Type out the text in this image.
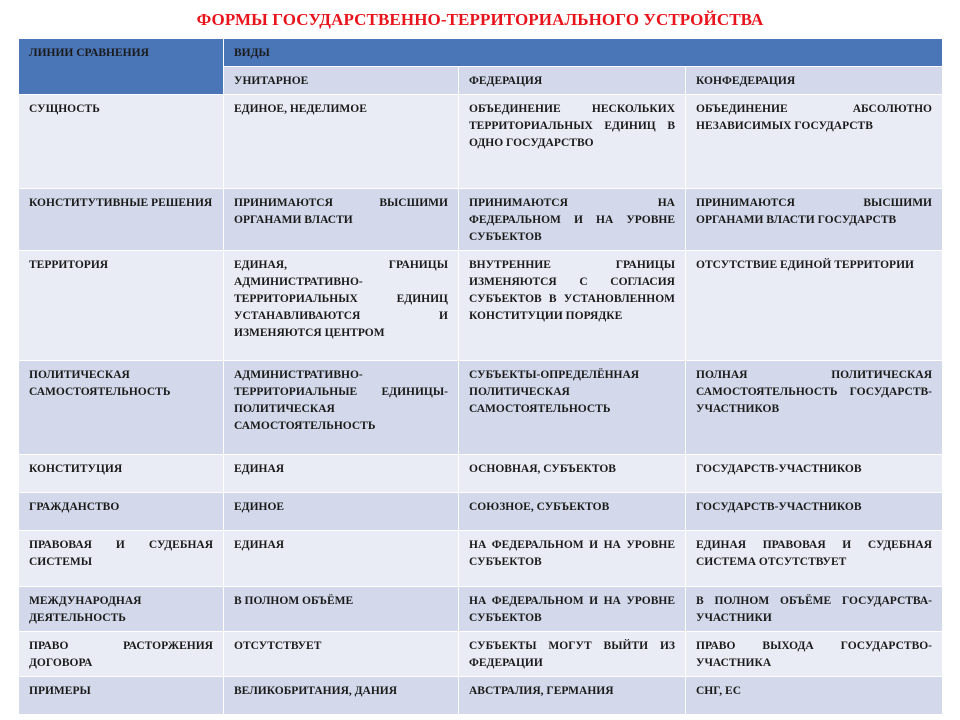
ФОРМЫ ГОСУДАРСТВЕННО-ТЕРРИТОРИАЛЬНОГО УСТРОЙСТВА
ЛИНИИ СРАВНЕНИЯ	ВИДЫ		
	УНИТАРНОЕ	ФЕДЕРАЦИЯ	КОНФЕДЕРАЦИЯ
СУЩНОСТЬ	ЕДИНОЕ, НЕДЕЛИМОЕ	ОБЪЕДИНЕНИЕ НЕСКОЛЬКИХ ТЕРРИТОРИАЛЬНЫХ ЕДИНИЦ В ОДНО ГОСУДАРСТВО	ОБЪЕДИНЕНИЕ АБСОЛЮТНО НЕЗАВИСИМЫХ ГОСУДАРСТВ
КОНСТИТУТИВНЫЕ РЕШЕНИЯ	ПРИНИМАЮТСЯ ВЫСШИМИ ОРГАНАМИ ВЛАСТИ	ПРИНИМАЮТСЯ НА ФЕДЕРАЛЬНОМ И НА УРОВНЕ СУБЪЕКТОВ	ПРИНИМАЮТСЯ ВЫСШИМИ ОРГАНАМИ ВЛАСТИ ГОСУДАРСТВ
ТЕРРИТОРИЯ	ЕДИНАЯ, ГРАНИЦЫ АДМИНИСТРАТИВНО-ТЕРРИТОРИАЛЬНЫХ ЕДИНИЦ УСТАНАВЛИВАЮТСЯ И ИЗМЕНЯЮТСЯ ЦЕНТРОМ	ВНУТРЕННИЕ ГРАНИЦЫ ИЗМЕНЯЮТСЯ С СОГЛАСИЯ СУБЪЕКТОВ В УСТАНОВЛЕННОМ КОНСТИТУЦИИ ПОРЯДКЕ	ОТСУТСТВИЕ ЕДИНОЙ ТЕРРИТОРИИ
ПОЛИТИЧЕСКАЯ САМОСТОЯТЕЛЬНОСТЬ	АДМИНИСТРАТИВНО-ТЕРРИТОРИАЛЬНЫЕ ЕДИНИЦЫ-ПОЛИТИЧЕСКАЯ САМОСТОЯТЕЛЬНОСТЬ	СУБЪЕКТЫ-ОПРЕДЕЛЁННАЯ ПОЛИТИЧЕСКАЯ САМОСТОЯТЕЛЬНОСТЬ	ПОЛНАЯ ПОЛИТИЧЕСКАЯ САМОСТОЯТЕЛЬНОСТЬ ГОСУДАРСТВ-УЧАСТНИКОВ
КОНСТИТУЦИЯ	ЕДИНАЯ	ОСНОВНАЯ, СУБЪЕКТОВ	ГОСУДАРСТВ-УЧАСТНИКОВ
ГРАЖДАНСТВО	ЕДИНОЕ	СОЮЗНОЕ, СУБЪЕКТОВ	ГОСУДАРСТВ-УЧАСТНИКОВ
ПРАВОВАЯ И СУДЕБНАЯ СИСТЕМЫ	ЕДИНАЯ	НА ФЕДЕРАЛЬНОМ И НА УРОВНЕ СУБЪЕКТОВ	ЕДИНАЯ ПРАВОВАЯ И СУДЕБНАЯ СИСТЕМА ОТСУТСТВУЕТ
МЕЖДУНАРОДНАЯ ДЕЯТЕЛЬНОСТЬ	В ПОЛНОМ ОБЪЁМЕ	НА ФЕДЕРАЛЬНОМ И НА УРОВНЕ СУБЪЕКТОВ	В ПОЛНОМ ОБЪЁМЕ ГОСУДАРСТВА-УЧАСТНИКИ
ПРАВО РАСТОРЖЕНИЯ ДОГОВОРА	ОТСУТСТВУЕТ	СУБЪЕКТЫ МОГУТ ВЫЙТИ ИЗ ФЕДЕРАЦИИ	ПРАВО ВЫХОДА ГОСУДАРСТВО-УЧАСТНИКА
ПРИМЕРЫ	ВЕЛИКОБРИТАНИЯ, ДАНИЯ	АВСТРАЛИЯ, ГЕРМАНИЯ	СНГ, ЕС
